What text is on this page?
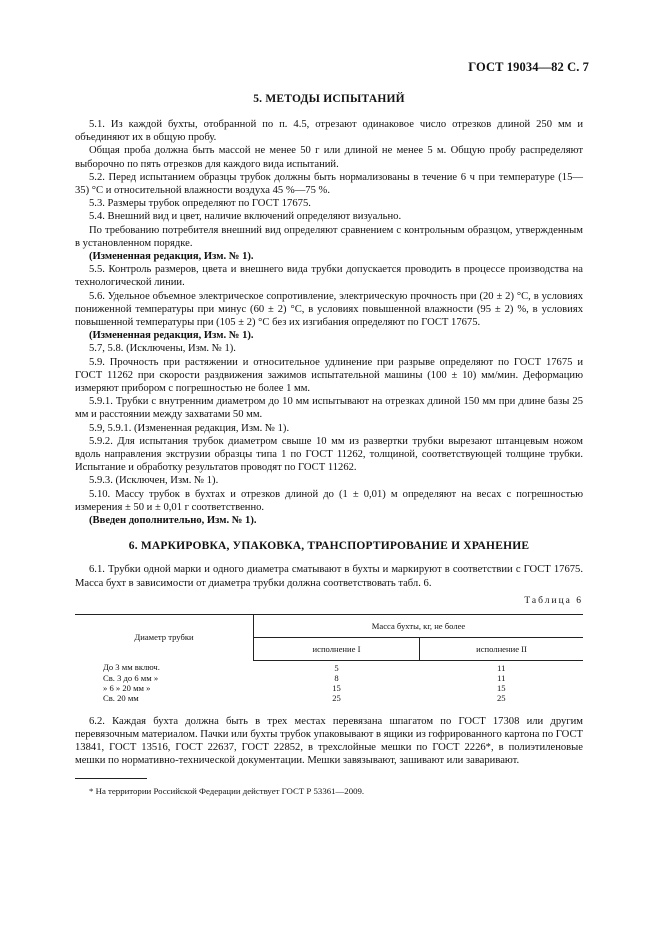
ГОСТ 19034—82 С. 7
5. МЕТОДЫ ИСПЫТАНИЙ

5.1. Из каждой бухты, отобранной по п. 4.5, отрезают одинаковое число отрезков длиной 250 мм и объединяют их в общую пробу.

Общая проба должна быть массой не менее 50 г или длиной не менее 5 м. Общую пробу распределяют выборочно по пять отрезков для каждого вида испытаний.

5.2. Перед испытанием образцы трубок должны быть нормализованы в течение 6 ч при температуре (15—35) °С и относительной влажности воздуха 45 %—75 %.

5.3. Размеры трубок определяют по ГОСТ 17675.

5.4. Внешний вид и цвет, наличие включений определяют визуально.

По требованию потребителя внешний вид определяют сравнением с контрольным образцом, утвержденным в установленном порядке.

(Измененная редакция, Изм. № 1).

5.5. Контроль размеров, цвета и внешнего вида трубки допускается проводить в процессе производства на технологической линии.

5.6. Удельное объемное электрическое сопротивление, электрическую прочность при (20 ± 2) °С, в условиях пониженной температуры при минус (60 ± 2) °С, в условиях повышенной влажности (95 ± 2) %, в условиях повышенной температуры при (105 ± 2) °С без их изгибания определяют по ГОСТ 17675.

(Измененная редакция, Изм. № 1).

5.7, 5.8. (Исключены, Изм. № 1).

5.9. Прочность при растяжении и относительное удлинение при разрыве определяют по ГОСТ 17675 и ГОСТ 11262 при скорости раздвижения зажимов испытательной машины (100 ± 10) мм/мин. Деформацию измеряют прибором с погрешностью не более 1 мм.

5.9.1. Трубки с внутренним диаметром до 10 мм испытывают на отрезках длиной 150 мм при длине базы 25 мм и расстоянии между захватами 50 мм.

5.9, 5.9.1. (Измененная редакция, Изм. № 1).

5.9.2. Для испытания трубок диаметром свыше 10 мм из развертки трубки вырезают штанцевым ножом вдоль направления экструзии образцы типа 1 по ГОСТ 11262, толщиной, соответствующей толщине трубки. Испытание и обработку результатов проводят по ГОСТ 11262.

5.9.3. (Исключен, Изм. № 1).

5.10. Массу трубок в бухтах и отрезков длиной до (1 ± 0,01) м определяют на весах с погрешностью измерения ± 50 и ± 0,01 г соответственно.

(Введен дополнительно, Изм. № 1).

6. МАРКИРОВКА, УПАКОВКА, ТРАНСПОРТИРОВАНИЕ И ХРАНЕНИЕ

6.1. Трубки одной марки и одного диаметра сматывают в бухты и маркируют в соответствии с ГОСТ 17675. Масса бухт в зависимости от диаметра трубки должна соответствовать табл. 6.

Таблица 6
Диаметр трубки	Масса бухты, кг, не более	
	исполнение I	исполнение II
До 3 мм включ.	5	11
Св. 3 до 6 мм »	8	11
» 6 » 20 мм »	15	15
Св. 20 мм	25	25

6.2. Каждая бухта должна быть в трех местах перевязана шпагатом по ГОСТ 17308 или другим перевязочным материалом. Пачки или бухты трубок упаковывают в ящики из гофрированного картона по ГОСТ 13841, ГОСТ 13516, ГОСТ 22637, ГОСТ 22852, в трехслойные мешки по ГОСТ 2226*, в полиэтиленовые мешки по нормативно-технической документации. Мешки завязывают, зашивают или заваривают.

* На территории Российской Федерации действует ГОСТ Р 53361—2009.
